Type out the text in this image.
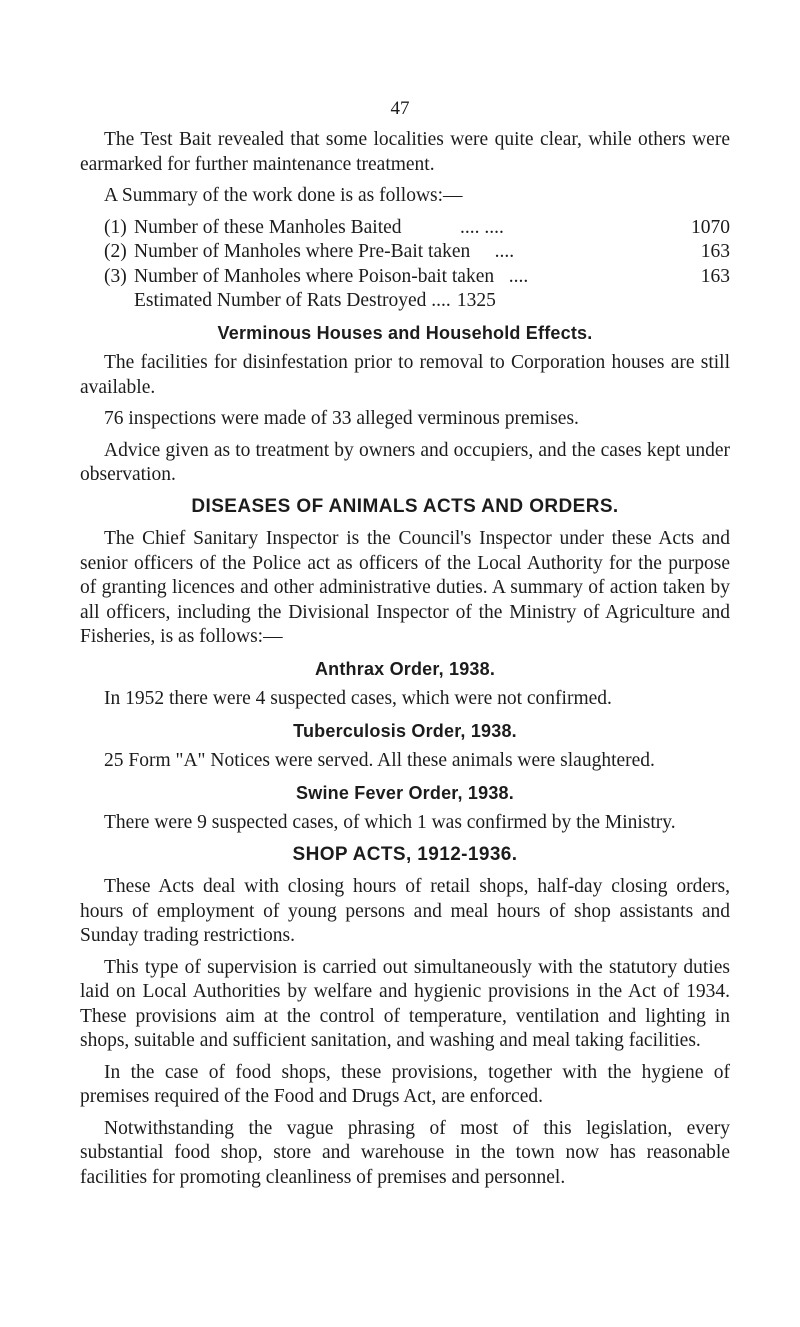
47

The Test Bait revealed that some localities were quite clear, while others were earmarked for further maintenance treatment.

A Summary of the work done is as follows:—

(1) Number of these Manholes Baited	.... ....	1070
(2) Number of Manholes where Pre-Bait taken ....	163
(3) Number of Manholes where Poison-bait taken ....	163
Estimated Number of Rats Destroyed .... 1325
Verminous Houses and Household Effects.

The facilities for disinfestation prior to removal to Corporation houses are still available.

76 inspections were made of 33 alleged verminous premises.

Advice given as to treatment by owners and occupiers, and the cases kept under observation.

DISEASES OF ANIMALS ACTS AND ORDERS.

The Chief Sanitary Inspector is the Council's Inspector under these Acts and senior officers of the Police act as officers of the Local Authority for the purpose of granting licences and other administrative duties. A summary of action taken by all officers, including the Divisional Inspector of the Ministry of Agriculture and Fisheries, is as follows:—

Anthrax Order, 1938.

In 1952 there were 4 suspected cases, which were not confirmed.

Tuberculosis Order, 1938.

25 Form "A" Notices were served. All these animals were slaughtered.

Swine Fever Order, 1938.

There were 9 suspected cases, of which 1 was confirmed by the Ministry.

SHOP ACTS, 1912-1936.

These Acts deal with closing hours of retail shops, half-day closing orders, hours of employment of young persons and meal hours of shop assistants and Sunday trading restrictions.

This type of supervision is carried out simultaneously with the statutory duties laid on Local Authorities by welfare and hygienic provisions in the Act of 1934. These provisions aim at the control of temperature, ventilation and lighting in shops, suitable and sufficient sanitation, and washing and meal taking facilities.

In the case of food shops, these provisions, together with the hygiene of premises required of the Food and Drugs Act, are enforced.

Notwithstanding the vague phrasing of most of this legislation, every substantial food shop, store and warehouse in the town now has reasonable facilities for promoting cleanliness of premises and personnel.
